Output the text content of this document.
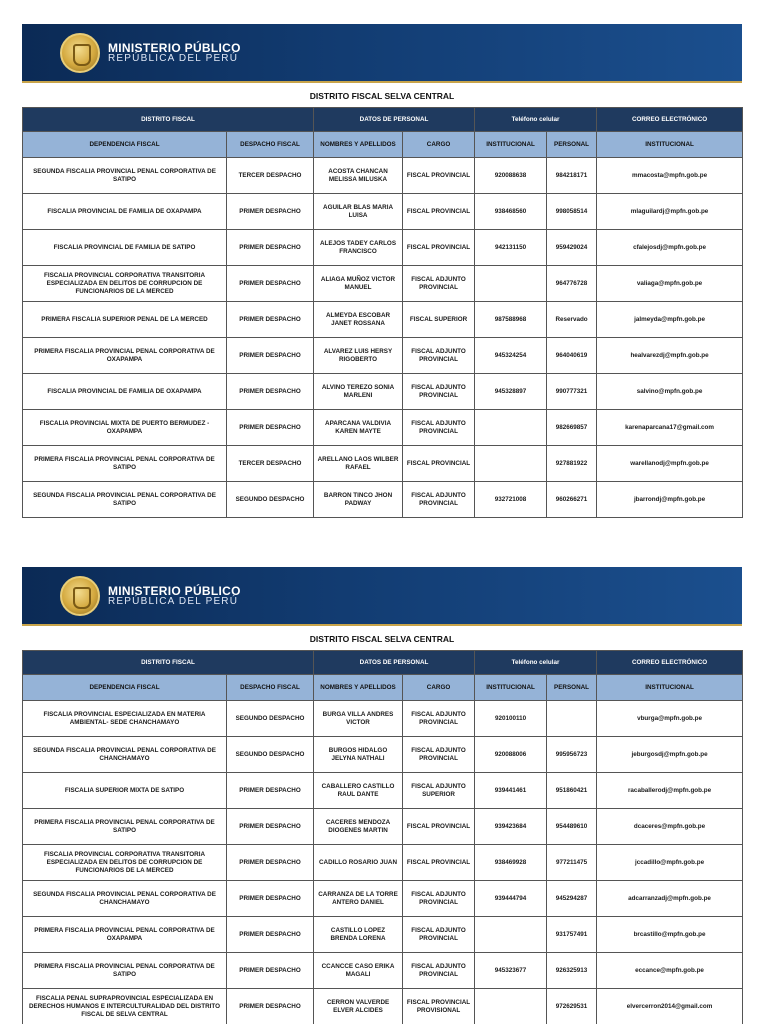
MINISTERIO PÚBLICO
REPÚBLICA DEL PERÚ
DISTRITO FISCAL SELVA CENTRAL
DISTRITO FISCAL		DATOS DE PERSONAL		Teléfono celular		CORREO ELECTRÓNICO
DEPENDENCIA FISCAL	DESPACHO FISCAL	NOMBRES Y APELLIDOS	CARGO	INSTITUCIONAL	PERSONAL	INSTITUCIONAL
SEGUNDA FISCALIA PROVINCIAL PENAL CORPORATIVA DE SATIPO	TERCER DESPACHO	ACOSTA CHANCAN MELISSA MILUSKA	FISCAL PROVINCIAL	920088638	984218171	mmacosta@mpfn.gob.pe
FISCALIA PROVINCIAL DE FAMILIA DE OXAPAMPA	PRIMER DESPACHO	AGUILAR BLAS MARIA LUISA	FISCAL PROVINCIAL	938468560	998058514	mlaguilardj@mpfn.gob.pe
FISCALIA PROVINCIAL DE FAMILIA DE SATIPO	PRIMER DESPACHO	ALEJOS TADEY CARLOS FRANCISCO	FISCAL PROVINCIAL	942131150	959429024	cfalejosdj@mpfn.gob.pe
FISCALIA PROVINCIAL CORPORATIVA TRANSITORIA ESPECIALIZADA EN DELITOS DE CORRUPCION DE FUNCIONARIOS DE LA MERCED	PRIMER DESPACHO	ALIAGA MUÑOZ VICTOR MANUEL	FISCAL ADJUNTO PROVINCIAL		964776728	valiaga@mpfn.gob.pe
PRIMERA FISCALIA SUPERIOR PENAL DE LA MERCED	PRIMER DESPACHO	ALMEYDA ESCOBAR JANET ROSSANA	FISCAL SUPERIOR	987588968	Reservado	jalmeyda@mpfn.gob.pe
PRIMERA FISCALIA PROVINCIAL PENAL CORPORATIVA DE OXAPAMPA	PRIMER DESPACHO	ALVAREZ LUIS HERSY RIGOBERTO	FISCAL ADJUNTO PROVINCIAL	945324254	964040619	healvarezdj@mpfn.gob.pe
FISCALIA PROVINCIAL DE FAMILIA DE OXAPAMPA	PRIMER DESPACHO	ALVINO TEREZO SONIA MARLENI	FISCAL ADJUNTO PROVINCIAL	945328897	990777321	salvino@mpfn.gob.pe
FISCALIA PROVINCIAL MIXTA DE PUERTO BERMUDEZ - OXAPAMPA	PRIMER DESPACHO	APARCANA VALDIVIA KAREN MAYTE	FISCAL ADJUNTO PROVINCIAL		982669857	karenaparcana17@gmail.com
PRIMERA FISCALIA PROVINCIAL PENAL CORPORATIVA DE SATIPO	TERCER DESPACHO	ARELLANO LAOS WILBER RAFAEL	FISCAL PROVINCIAL		927881922	warellanodj@mpfn.gob.pe
SEGUNDA FISCALIA PROVINCIAL PENAL CORPORATIVA DE SATIPO	SEGUNDO DESPACHO	BARRON TINCO JHON PADWAY	FISCAL ADJUNTO PROVINCIAL	932721008	960266271	jbarrondj@mpfn.gob.pe
MINISTERIO PÚBLICO
REPÚBLICA DEL PERÚ
DISTRITO FISCAL SELVA CENTRAL
DISTRITO FISCAL		DATOS DE PERSONAL		Teléfono celular		CORREO ELECTRÓNICO
DEPENDENCIA FISCAL	DESPACHO FISCAL	NOMBRES Y APELLIDOS	CARGO	INSTITUCIONAL	PERSONAL	INSTITUCIONAL
FISCALIA PROVINCIAL ESPECIALIZADA EN MATERIA AMBIENTAL- SEDE CHANCHAMAYO	SEGUNDO DESPACHO	BURGA VILLA ANDRES VICTOR	FISCAL ADJUNTO PROVINCIAL	920100110		vburga@mpfn.gob.pe
SEGUNDA FISCALIA PROVINCIAL PENAL CORPORATIVA DE CHANCHAMAYO	SEGUNDO DESPACHO	BURGOS HIDALGO JELYNA NATHALI	FISCAL ADJUNTO PROVINCIAL	920088006	995956723	jeburgosdj@mpfn.gob.pe
FISCALIA SUPERIOR MIXTA DE SATIPO	PRIMER DESPACHO	CABALLERO CASTILLO RAUL DANTE	FISCAL ADJUNTO SUPERIOR	939441461	951860421	racaballerodj@mpfn.gob.pe
PRIMERA FISCALIA PROVINCIAL PENAL CORPORATIVA DE SATIPO	PRIMER DESPACHO	CACERES MENDOZA DIOGENES MARTIN	FISCAL PROVINCIAL	939423684	954489610	dcaceres@mpfn.gob.pe
FISCALIA PROVINCIAL CORPORATIVA TRANSITORIA ESPECIALIZADA EN DELITOS DE CORRUPCION DE FUNCIONARIOS DE LA MERCED	PRIMER DESPACHO	CADILLO ROSARIO JUAN	FISCAL PROVINCIAL	938469928	977211475	jccadillo@mpfn.gob.pe
SEGUNDA FISCALIA PROVINCIAL PENAL CORPORATIVA DE CHANCHAMAYO	PRIMER DESPACHO	CARRANZA DE LA TORRE ANTERO DANIEL	FISCAL ADJUNTO PROVINCIAL	939444794	945294287	adcarranzadj@mpfn.gob.pe
PRIMERA FISCALIA PROVINCIAL PENAL CORPORATIVA DE OXAPAMPA	PRIMER DESPACHO	CASTILLO LOPEZ BRENDA LORENA	FISCAL ADJUNTO PROVINCIAL		931757491	brcastillo@mpfn.gob.pe
PRIMERA FISCALIA PROVINCIAL PENAL CORPORATIVA DE SATIPO	PRIMER DESPACHO	CCANCCE CASO ERIKA MAGALI	FISCAL ADJUNTO PROVINCIAL	945323677	926325913	eccance@mpfn.gob.pe
FISCALIA PENAL SUPRAPROVINCIAL ESPECIALIZADA EN DERECHOS HUMANOS E INTERCULTURALIDAD DEL DISTRITO FISCAL DE SELVA CENTRAL	PRIMER DESPACHO	CERRON VALVERDE ELVER ALCIDES	FISCAL PROVINCIAL PROVISIONAL		972629531	elvercerron2014@gmail.com
